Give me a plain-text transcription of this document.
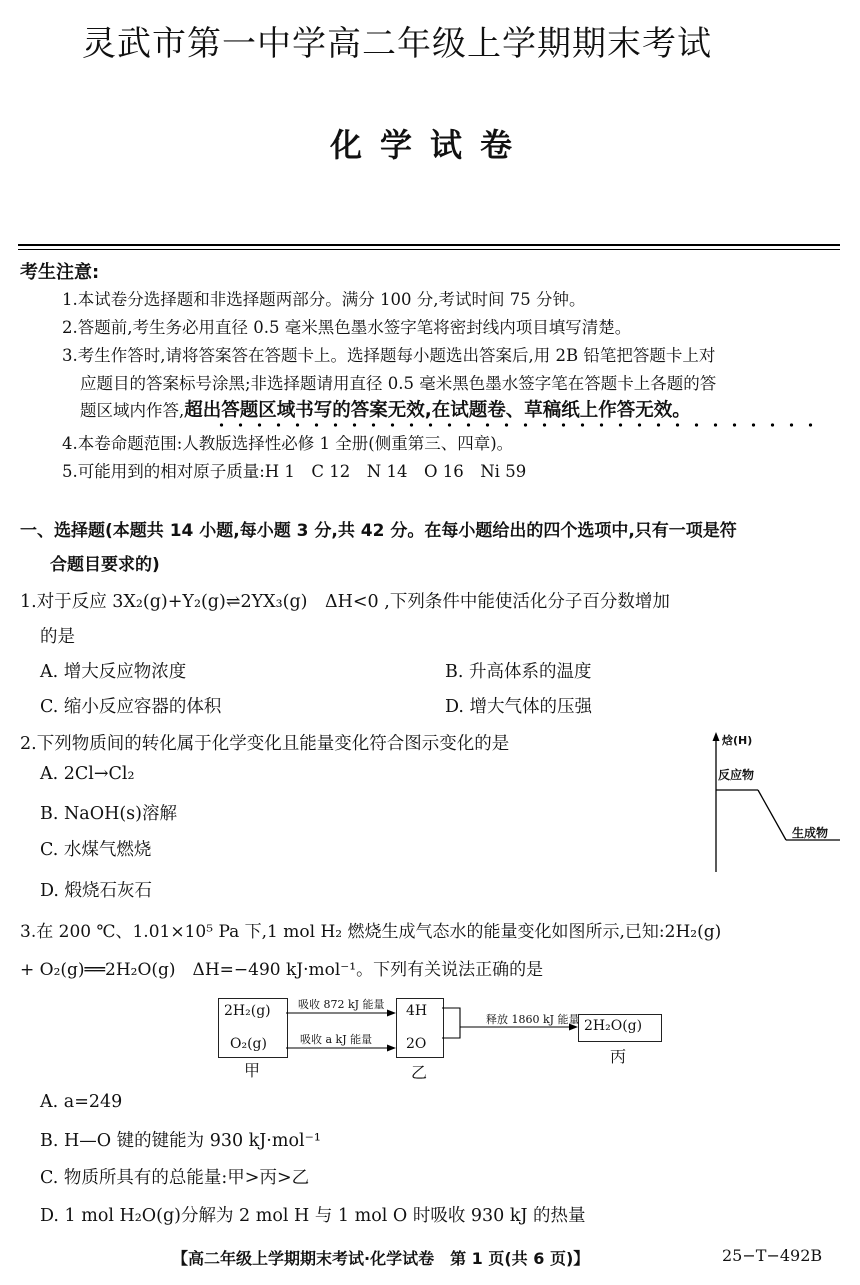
灵武市第一中学高二年级上学期期末考试
化学试卷
考生注意:
1.本试卷分选择题和非选择题两部分。满分 100 分,考试时间 75 分钟。
2.答题前,考生务必用直径 0.5 毫米黑色墨水签字笔将密封线内项目填写清楚。
3.考生作答时,请将答案答在答题卡上。选择题每小题选出答案后,用 2B 铅笔把答题卡上对
应题目的答案标号涂黑;非选择题请用直径 0.5 毫米黑色墨水签字笔在答题卡上各题的答
题区域内作答,超出答题区域书写的答案无效,在试题卷、草稿纸上作答无效。
4.本卷命题范围:人教版选择性必修 1 全册(侧重第三、四章)。
5.可能用到的相对原子质量:H 1　C 12　N 14　O 16　Ni 59
一、选择题(本题共 14 小题,每小题 3 分,共 42 分。在每小题给出的四个选项中,只有一项是符
合题目要求的)
1.对于反应 3X₂(g)+Y₂(g)⇌2YX₃(g)　ΔH<0 ,下列条件中能使活化分子百分数增加
的是
A. 增大反应物浓度	B. 升高体系的温度
C. 缩小反应容器的体积	D. 增大气体的压强
2.下列物质间的转化属于化学变化且能量变化符合图示变化的是
A. 2Cl→Cl₂
B. NaOH(s)溶解
C. 水煤气燃烧
D. 煅烧石灰石
焓(H)
反应物
生成物
3.在 200 ℃、1.01×10⁵ Pa 下,1 mol H₂ 燃烧生成气态水的能量变化如图所示,已知:2H₂(g)
+ O₂(g)══2H₂O(g)　ΔH=−490 kJ·mol⁻¹。下列有关说法正确的是
2H₂(g)
O₂(g)
甲
4H
2O
乙
2H₂O(g)
丙
吸收 872 kJ 能量
吸收 a kJ 能量
释放 1860 kJ 能量
A. a=249
B. H—O 键的键能为 930 kJ·mol⁻¹
C. 物质所具有的总能量:甲>丙>乙
D. 1 mol H₂O(g)分解为 2 mol H 与 1 mol O 时吸收 930 kJ 的热量
【高二年级上学期期末考试·化学试卷　第 1 页(共 6 页)】	25−T−492B
